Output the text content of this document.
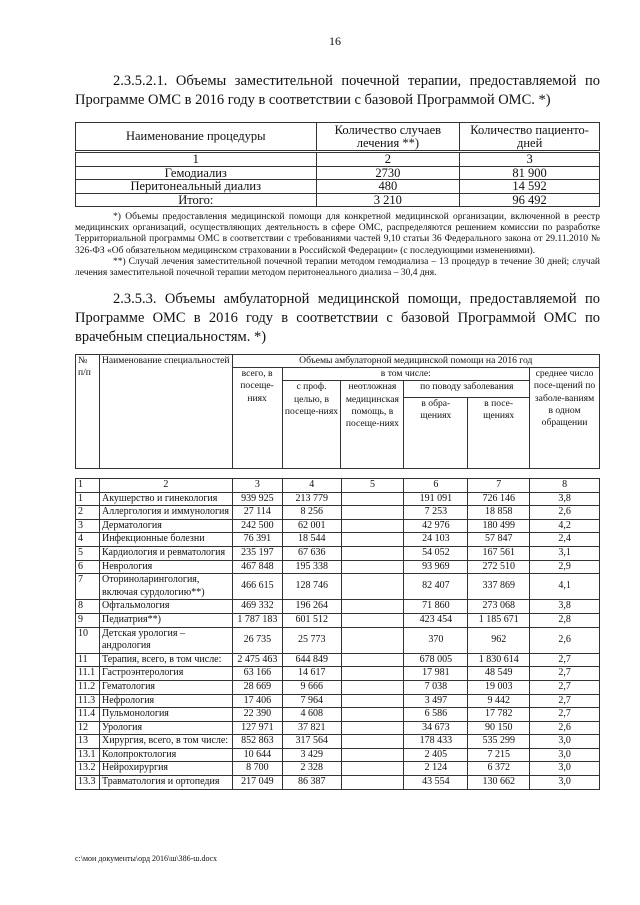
16
2.3.5.2.1. Объемы заместительной почечной терапии, предоставляемой по Программе ОМС в 2016 году в соответствии с базовой Программой ОМС. *)
Наименование процедуры	Количество случаев лечения **)	Количество пациенто-дней
1	2	3
Гемодиализ	2730	81 900
Перитонеальный диализ	480	14 592
Итого:	3 210	96 492

*) Объемы предоставления медицинской помощи для конкретной медицинской организации, включенной в реестр медицинских организаций, осуществляющих деятельность в сфере ОМС, распределяются решением комиссии по разработке Территориальной программы ОМС в соответствии с требованиями частей 9,10 статьи 36 Федерального закона от 29.11.2010 № 326-ФЗ «Об обязательном медицинском страховании в Российской Федерации» (с последующими изменениями).

**) Случай лечения заместительной почечной терапии методом гемодиализа – 13 процедур в течение 30 дней; случай лечения заместительной почечной терапии методом перитонеального диализа – 30,4 дня.

2.3.5.3. Объемы амбулаторной медицинской помощи, предоставляемой по Программе ОМС в 2016 году в соответствии с базовой Программой ОМС по врачебным специальностям. *)
№ п/п	Наименование специальностей	Объемы амбулаторной медицинской помощи на 2016 год					
		всего, в посеще-ниях	в том числе:				среднее число посе-щений по заболе-ваниям в одном обращении
			с проф. целью, в посеще-ниях	неотложная медицинская помощь, в посеще-ниях	по поводу заболевания		
					в обра-щениях	в посе-щениях	
1	2	3	4	5	6	7	8
1	Акушерство и гинекология	939 925	213 779		191 091	726 146	3,8
2	Аллергология и иммунология	27 114	8 256		7 253	18 858	2,6
3	Дерматология	242 500	62 001		42 976	180 499	4,2
4	Инфекционные болезни	76 391	18 544		24 103	57 847	2,4
5	Кардиология и ревматология	235 197	67 636		54 052	167 561	3,1
6	Неврология	467 848	195 338		93 969	272 510	2,9
7	Оториноларингология, включая сурдологию**)	466 615	128 746		82 407	337 869	4,1
8	Офтальмология	469 332	196 264		71 860	273 068	3,8
9	Педиатрия**)	1 787 183	601 512		423 454	1 185 671	2,8
10	Детская урология – андрология	26 735	25 773		370	962	2,6
11	Терапия, всего, в том числе:	2 475 463	644 849		678 005	1 830 614	2,7
11.1	Гастроэнтерология	63 166	14 617		17 981	48 549	2,7
11.2	Гематология	28 669	9 666		7 038	19 003	2,7
11.3	Нефрология	17 406	7 964		3 497	9 442	2,7
11.4	Пульмонология	22 390	4 608		6 586	17 782	2,7
12	Урология	127 971	37 821		34 673	90 150	2,6
13	Хирургия, всего, в том числе:	852 863	317 564		178 433	535 299	3,0
13.1	Колопроктология	10 644	3 429		2 405	7 215	3,0
13.2	Нейрохирургия	8 700	2 328		2 124	6 372	3,0
13.3	Травматология и ортопедия	217 049	86 387		43 554	130 662	3,0
c:\мои документы\орд 2016\ш\386-ш.docx
